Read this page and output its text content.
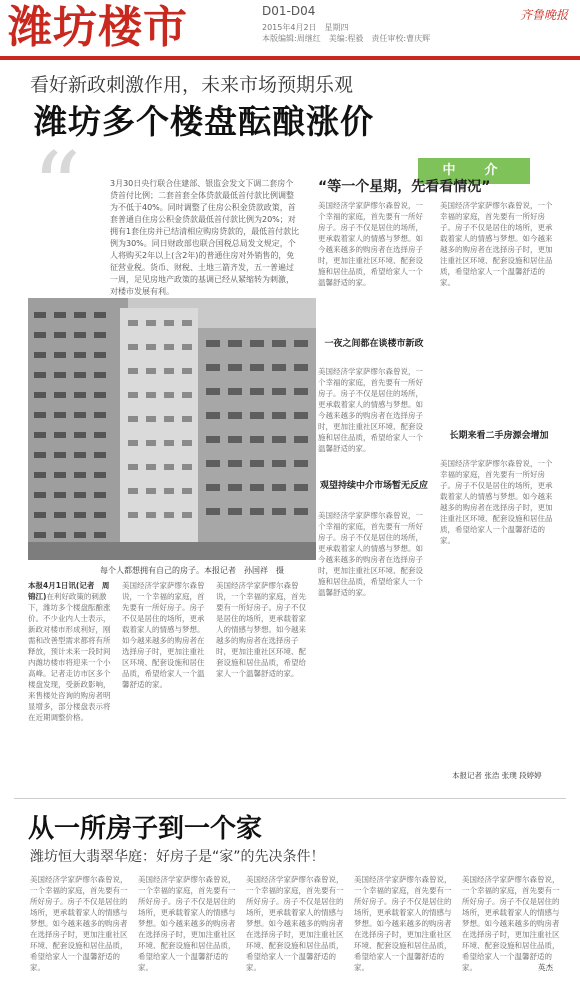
潍坊楼市	D01-D04
2015年4月2日　星期四
本版编辑:周继红　美编:程毅　责任审校:曹庆辉
齐鲁晚报
看好新政刺激作用，未来市场预期乐观
潍坊多个楼盘酝酿涨价
“	3月30日央行联合住建部、银监会发文下调二套房个贷首付比例；二套首套全体贷款最低首付款比例调整为不低于40%。同时调整了住房公积金贷款政策，首套普通自住房公积金贷款最低首付款比例为20%；对拥有1套住房并已结清相应购房贷款的，最低首付款比例为30%。同日财政部也联合国税总局发文规定，个人将购买2年以上(含2年)的普通住房对外销售的，免征营业税。货币、财税、土地三箭齐发，五一普遍过一周，足见房地产政策的基调已经从紧缩转为刺激，对楼市发展有利。
中　介
“等一个星期，先看看情况”
美国经济学家萨缪尔森曾说，一个幸福的家庭，首先要有一所好房子。房子不仅是居住的场所，更承载着家人的情感与梦想。如今越来越多的购房者在选择房子时，更加注重社区环境、配套设施和居住品质，希望给家人一个温馨舒适的家。
一夜之间都在谈楼市新政
美国经济学家萨缪尔森曾说，一个幸福的家庭，首先要有一所好房子。房子不仅是居住的场所，更承载着家人的情感与梦想。如今越来越多的购房者在选择房子时，更加注重社区环境、配套设施和居住品质，希望给家人一个温馨舒适的家。
观望持续中介市场暂无反应
美国经济学家萨缪尔森曾说，一个幸福的家庭，首先要有一所好房子。房子不仅是居住的场所，更承载着家人的情感与梦想。如今越来越多的购房者在选择房子时，更加注重社区环境、配套设施和居住品质，希望给家人一个温馨舒适的家。
美国经济学家萨缪尔森曾说，一个幸福的家庭，首先要有一所好房子。房子不仅是居住的场所，更承载着家人的情感与梦想。如今越来越多的购房者在选择房子时，更加注重社区环境、配套设施和居住品质，希望给家人一个温馨舒适的家。
长期来看二手房源会增加
美国经济学家萨缪尔森曾说，一个幸福的家庭，首先要有一所好房子。房子不仅是居住的场所，更承载着家人的情感与梦想。如今越来越多的购房者在选择房子时，更加注重社区环境、配套设施和居住品质，希望给家人一个温馨舒适的家。
本报记者 张浩 张璞 段婷婷
每个人都想拥有自己的房子。本报记者　孙国祥　摄
本报4月1日讯(记者　周锦江)在利好政策的刺激下，潍坊多个楼盘酝酿涨价。不少业内人士表示，新政对楼市形成利好，刚需和改善型需求都将有所释放，预计未来一段时间内潍坊楼市将迎来一个小高峰。记者走访市区多个楼盘发现，受新政影响，来售楼处咨询的购房者明显增多，部分楼盘表示将在近期调整价格。
美国经济学家萨缪尔森曾说，一个幸福的家庭，首先要有一所好房子。房子不仅是居住的场所，更承载着家人的情感与梦想。如今越来越多的购房者在选择房子时，更加注重社区环境、配套设施和居住品质，希望给家人一个温馨舒适的家。
美国经济学家萨缪尔森曾说，一个幸福的家庭，首先要有一所好房子。房子不仅是居住的场所，更承载着家人的情感与梦想。如今越来越多的购房者在选择房子时，更加注重社区环境、配套设施和居住品质，希望给家人一个温馨舒适的家。
从一所房子到一个家
潍坊恒大翡翠华庭：好房子是“家”的先决条件！
美国经济学家萨缪尔森曾说，一个幸福的家庭，首先要有一所好房子。房子不仅是居住的场所，更承载着家人的情感与梦想。如今越来越多的购房者在选择房子时，更加注重社区环境、配套设施和居住品质，希望给家人一个温馨舒适的家。
美国经济学家萨缪尔森曾说，一个幸福的家庭，首先要有一所好房子。房子不仅是居住的场所，更承载着家人的情感与梦想。如今越来越多的购房者在选择房子时，更加注重社区环境、配套设施和居住品质，希望给家人一个温馨舒适的家。
美国经济学家萨缪尔森曾说，一个幸福的家庭，首先要有一所好房子。房子不仅是居住的场所，更承载着家人的情感与梦想。如今越来越多的购房者在选择房子时，更加注重社区环境、配套设施和居住品质，希望给家人一个温馨舒适的家。
美国经济学家萨缪尔森曾说，一个幸福的家庭，首先要有一所好房子。房子不仅是居住的场所，更承载着家人的情感与梦想。如今越来越多的购房者在选择房子时，更加注重社区环境、配套设施和居住品质，希望给家人一个温馨舒适的家。
美国经济学家萨缪尔森曾说，一个幸福的家庭，首先要有一所好房子。房子不仅是居住的场所，更承载着家人的情感与梦想。如今越来越多的购房者在选择房子时，更加注重社区环境、配套设施和居住品质，希望给家人一个温馨舒适的家。	英杰
